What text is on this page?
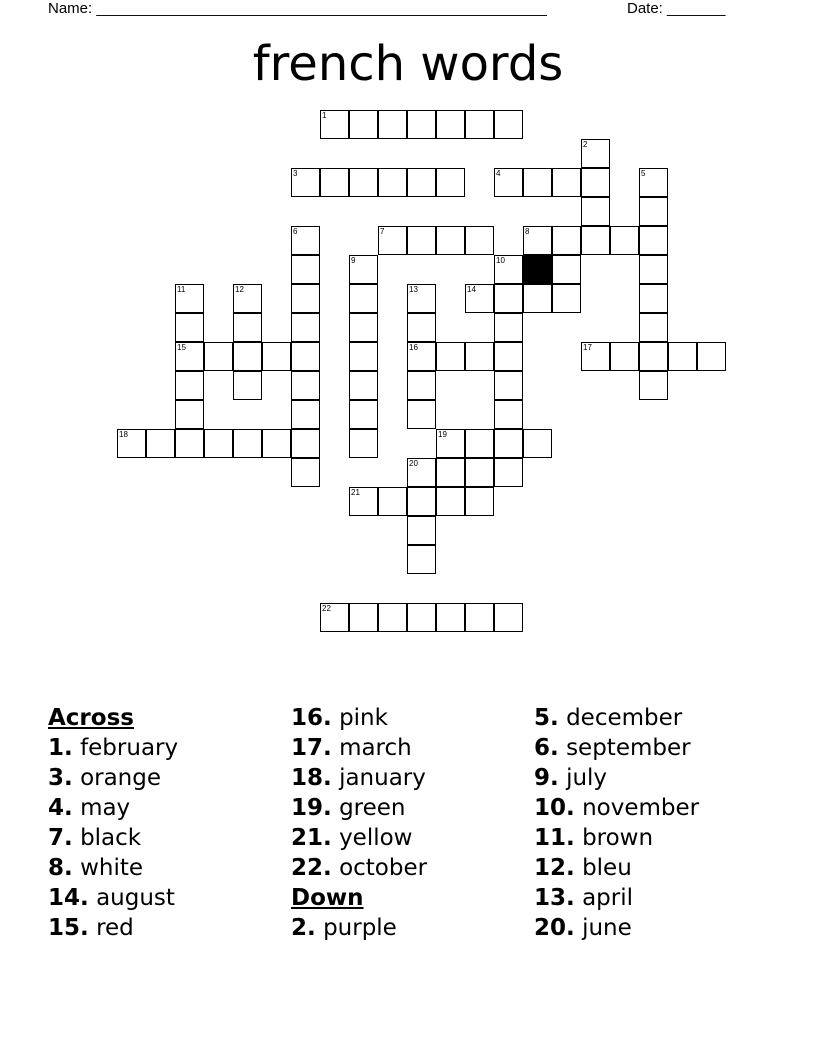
Name: ______________________________________________________	Date: _______
french words
1
2
3	4	5
6	7	8
9	10
11	12	13	14
15	16	17
18	19
20
21
22
Across
1. february
3. orange
4. may
7. black
8. white
14. august
15. red
16. pink
17. march
18. january
19. green
21. yellow
22. october
Down
2. purple
5. december
6. september
9. july
10. november
11. brown
12. bleu
13. april
20. june
